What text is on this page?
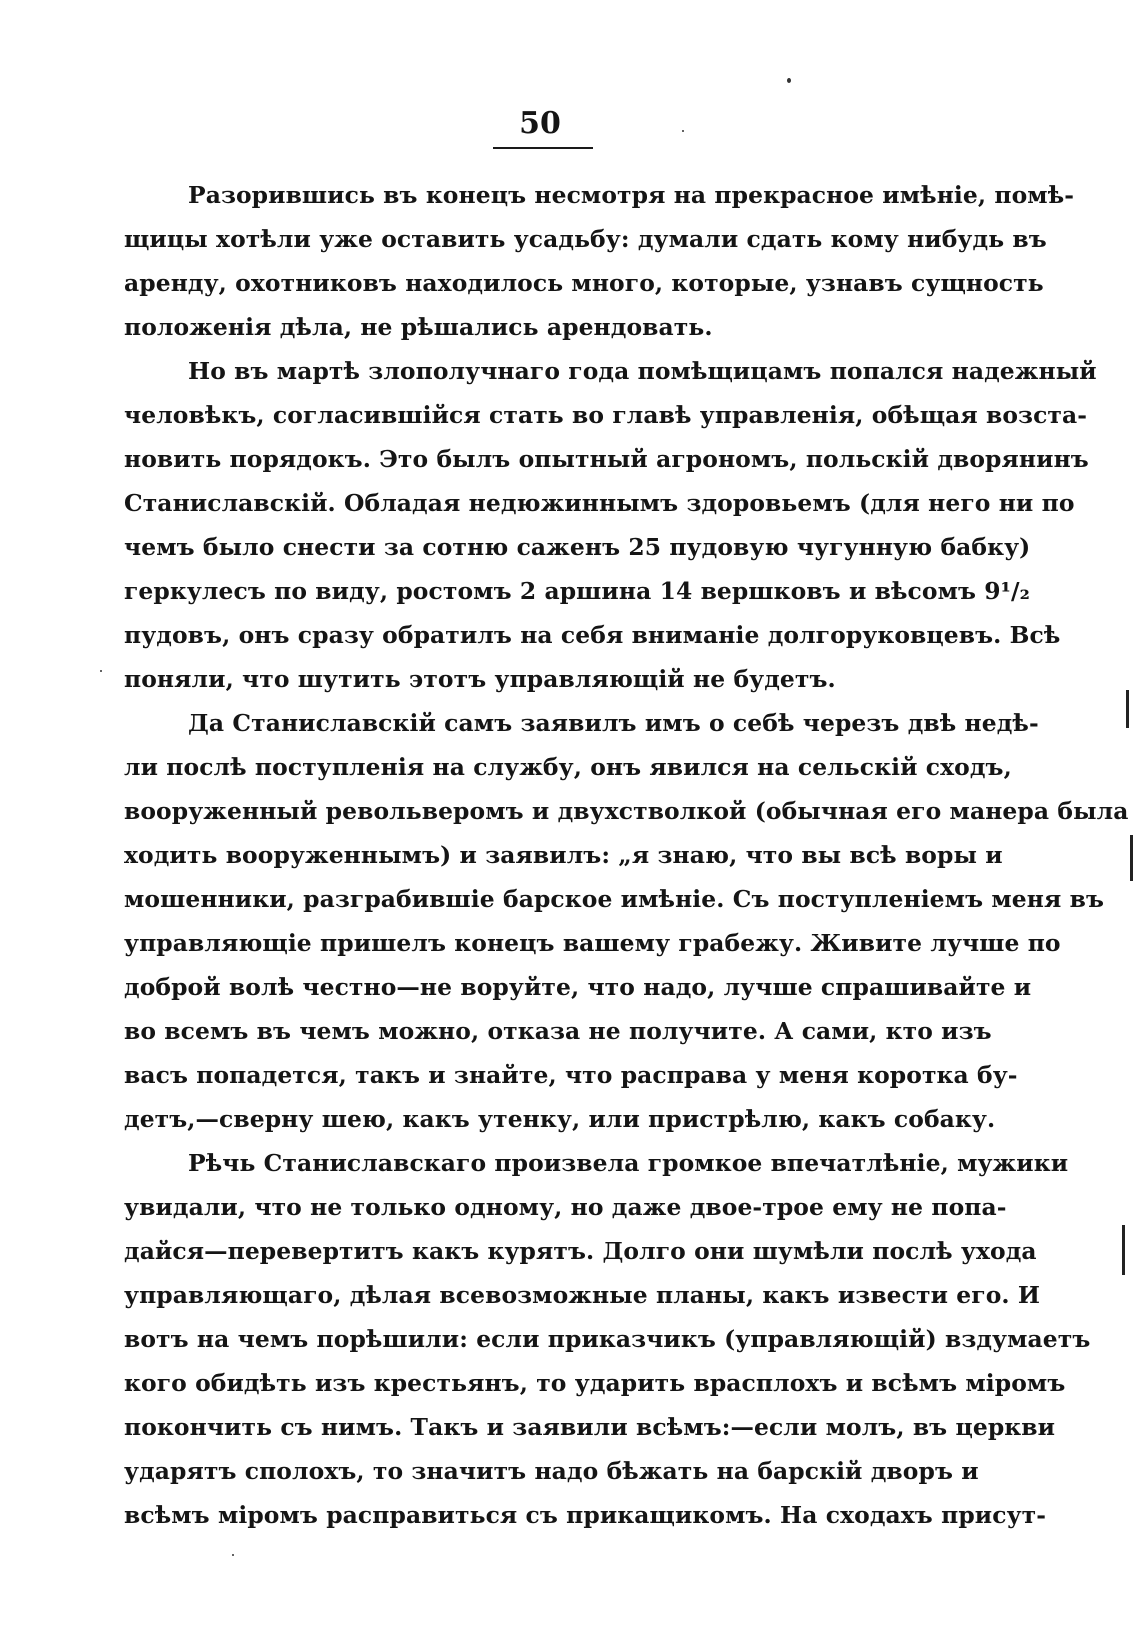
50
Разорившись въ конецъ несмотря на прекрасное имѣніе, помѣ-
щицы хотѣли уже оставить усадьбу: думали сдать кому нибудь въ
аренду, охотниковъ находилось много, которые, узнавъ сущность
положенія дѣла, не рѣшались арендовать.
Но въ мартѣ злополучнаго года помѣщицамъ попался надежный
человѣкъ, согласившійся стать во главѣ управленія, обѣщая возста-
новить порядокъ. Это былъ опытный агрономъ, польскій дворянинъ
Станиславскій. Обладая недюжиннымъ здоровьемъ (для него ни по
чемъ было снести за сотню саженъ 25 пудовую чугунную бабку)
геркулесъ по виду, ростомъ 2 аршина 14 вершковъ и вѣсомъ 9¹/₂
пудовъ, онъ сразу обратилъ на себя вниманіе долгоруковцевъ. Всѣ
поняли, что шутить этотъ управляющій не будетъ.
Да Станиславскій самъ заявилъ имъ о себѣ черезъ двѣ недѣ-
ли послѣ поступленія на службу, онъ явился на сельскій сходъ,
вооруженный револьверомъ и двухстволкой (обычная его манера была
ходить вооруженнымъ) и заявилъ: „я знаю, что вы всѣ воры и
мошенники, разграбившіе барское имѣніе. Съ поступленіемъ меня въ
управляющіе пришелъ конецъ вашему грабежу. Живите лучше по
доброй волѣ честно—не воруйте, что надо, лучше спрашивайте и
во всемъ въ чемъ можно, отказа не получите. А сами, кто изъ
васъ попадется, такъ и знайте, что расправа у меня коротка бу-
детъ,—сверну шею, какъ утенку, или пристрѣлю, какъ собаку.
Рѣчь Станиславскаго произвела громкое впечатлѣніе, мужики
увидали, что не только одному, но даже двое-трое ему не попа-
дайся—перевертитъ какъ курятъ. Долго они шумѣли послѣ ухода
управляющаго, дѣлая всевозможные планы, какъ извести его. И
вотъ на чемъ порѣшили: если приказчикъ (управляющій) вздумаетъ
кого обидѣть изъ крестьянъ, то ударить врасплохъ и всѣмъ міромъ
покончить съ нимъ. Такъ и заявили всѣмъ:—если молъ, въ церкви
ударятъ сполохъ, то значитъ надо бѣжать на барскій дворъ и
всѣмъ міромъ расправиться съ прикащикомъ. На сходахъ присут-
